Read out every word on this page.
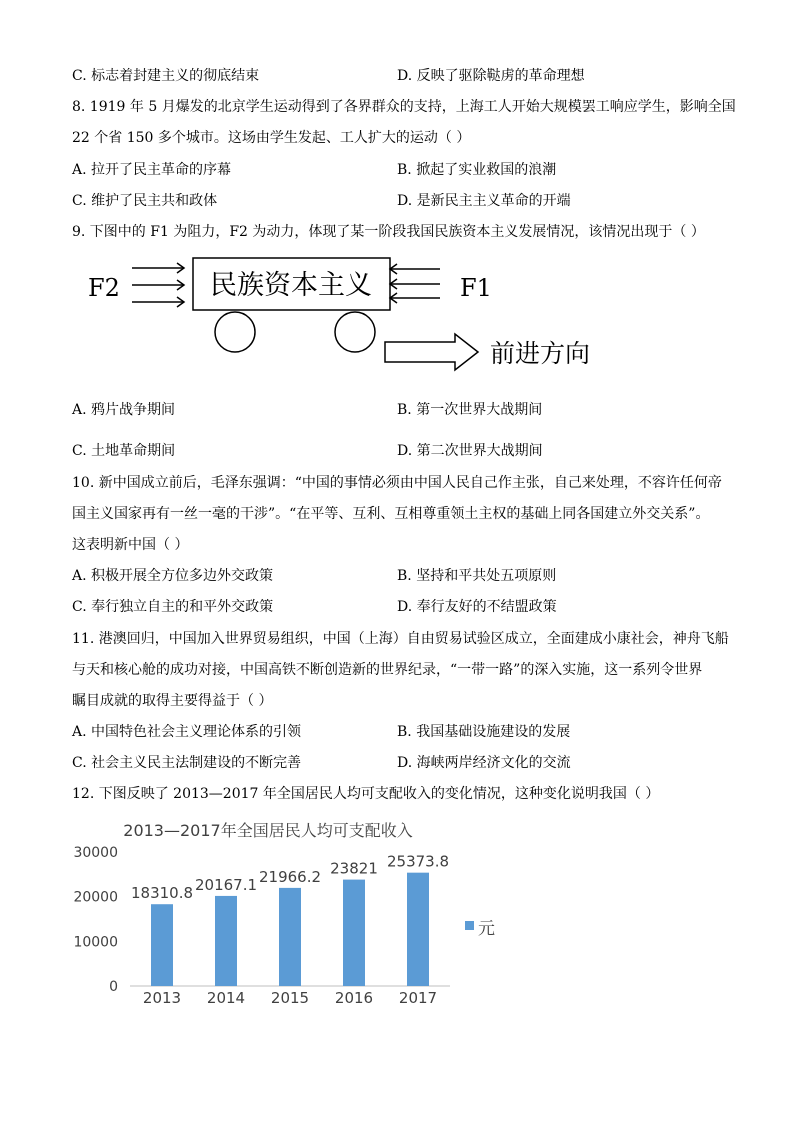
C. 标志着封建主义的彻底结束	D. 反映了驱除鞑虏的革命理想
8. 1919 年 5 月爆发的北京学生运动得到了各界群众的支持，上海工人开始大规模罢工响应学生，影响全国
22 个省 150 多个城市。这场由学生发起、工人扩大的运动（ ）
A. 拉开了民主革命的序幕	B. 掀起了实业救国的浪潮
C. 维护了民主共和政体	D. 是新民主主义革命的开端
9. 下图中的 F1 为阻力，F2 为动力，体现了某一阶段我国民族资本主义发展情况，该情况出现于（ ）
F2	民族资本主义	F1
前进方向
A. 鸦片战争期间	B. 第一次世界大战期间
C. 土地革命期间	D. 第二次世界大战期间
10. 新中国成立前后，毛泽东强调：“中国的事情必须由中国人民自己作主张，自己来处理，不容许任何帝
国主义国家再有一丝一毫的干涉”。“在平等、互利、互相尊重领土主权的基础上同各国建立外交关系”。
这表明新中国（ ）
A. 积极开展全方位多边外交政策	B. 坚持和平共处五项原则
C. 奉行独立自主的和平外交政策	D. 奉行友好的不结盟政策
11. 港澳回归，中国加入世界贸易组织，中国（上海）自由贸易试验区成立，全面建成小康社会，神舟飞船
与天和核心舱的成功对接，中国高铁不断创造新的世界纪录，“一带一路”的深入实施，这一系列令世界
瞩目成就的取得主要得益于（ ）
A. 中国特色社会主义理论体系的引领	B. 我国基础设施建设的发展
C. 社会主义民主法制建设的不断完善	D. 海峡两岸经济文化的交流
12. 下图反映了 2013—2017 年全国居民人均可支配收入的变化情况，这种变化说明我国（ ）
2013—2017年全国居民人均可支配收入
0
10000
20000
30000
18310.8 20167.1 21966.2 23821 25373.8
2013 2014 2015 2016 2017
元
